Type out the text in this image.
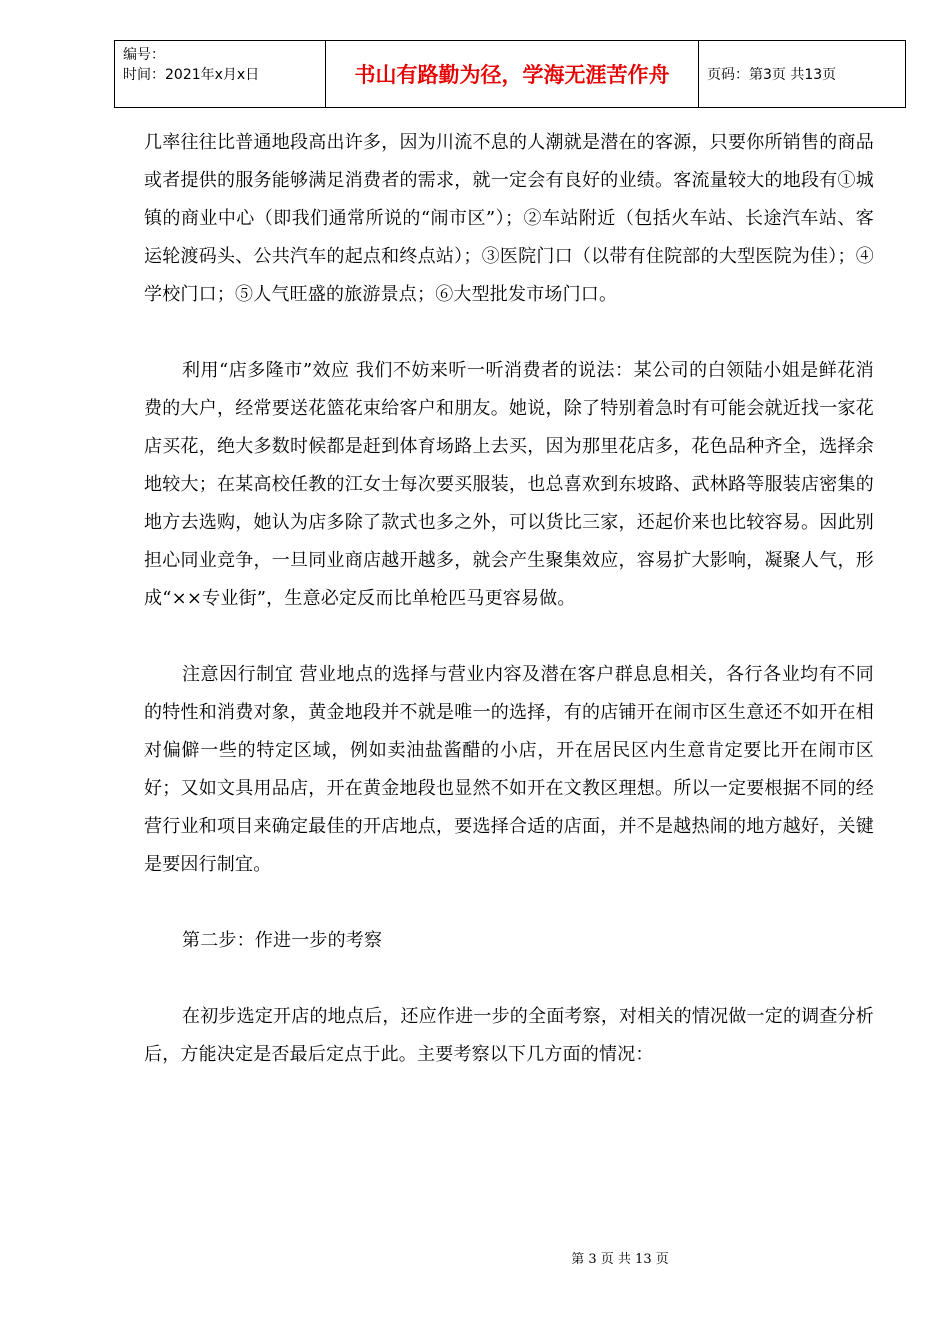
编号：
时间：2021年x月x日	书山有路勤为径，学海无涯苦作舟	页码：第3页 共13页

几率往往比普通地段高出许多，因为川流不息的人潮就是潜在的客源，只要你所销售的商品或者提供的服务能够满足消费者的需求，就一定会有良好的业绩。客流量较大的地段有①城镇的商业中心（即我们通常所说的“闹市区”）；②车站附近（包括火车站、长途汽车站、客运轮渡码头、公共汽车的起点和终点站）；③医院门口（以带有住院部的大型医院为佳）；④学校门口；⑤人气旺盛的旅游景点；⑥大型批发市场门口。

利用“店多隆市”效应 我们不妨来听一听消费者的说法：某公司的白领陆小姐是鲜花消费的大户，经常要送花篮花束给客户和朋友。她说，除了特别着急时有可能会就近找一家花店买花，绝大多数时候都是赶到体育场路上去买，因为那里花店多，花色品种齐全，选择余地较大；在某高校任教的江女士每次要买服装，也总喜欢到东坡路、武林路等服装店密集的地方去选购，她认为店多除了款式也多之外，可以货比三家，还起价来也比较容易。因此别担心同业竞争，一旦同业商店越开越多，就会产生聚集效应，容易扩大影响，凝聚人气，形成“××专业街”，生意必定反而比单枪匹马更容易做。

注意因行制宜 营业地点的选择与营业内容及潜在客户群息息相关，各行各业均有不同的特性和消费对象，黄金地段并不就是唯一的选择，有的店铺开在闹市区生意还不如开在相对偏僻一些的特定区域，例如卖油盐酱醋的小店，开在居民区内生意肯定要比开在闹市区好；又如文具用品店，开在黄金地段也显然不如开在文教区理想。所以一定要根据不同的经营行业和项目来确定最佳的开店地点，要选择合适的店面，并不是越热闹的地方越好，关键是要因行制宜。

第二步：作进一步的考察

在初步选定开店的地点后，还应作进一步的全面考察，对相关的情况做一定的调查分析后，方能决定是否最后定点于此。主要考察以下几方面的情况：

第 3 页 共 13 页
